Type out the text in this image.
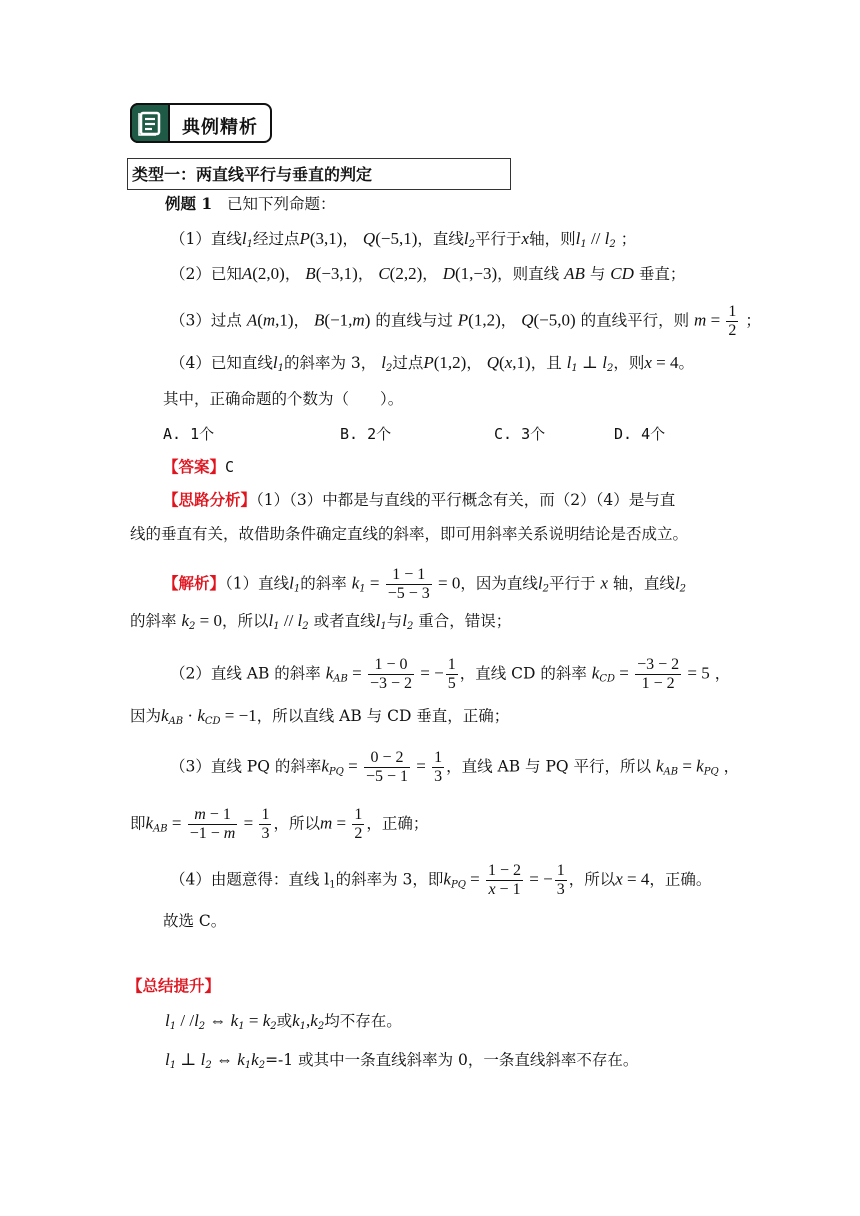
典例精析
类型一：两直线平行与垂直的判定
例题 1 已知下列命题：
（1）直线$l_1$经过点P(3,1)， Q(−5,1)，直线$l_2$平行于x轴，则$l_1 // l_2$ ；
（2）已知A(2,0)， B(−3,1)， C(2,2)， D(1,−3)，则直线 AB 与 CD 垂直；
（3）过点 A(m,1)， B(−1,m) 的直线与过 P(1,2)， Q(−5,0) 的直线平行，则 $m = \frac{1}{2}$ ；
（4）已知直线$l_1$的斜率为 3， $l_2$过点P(1,2)， Q(x,1)，且 $l_1$ ⊥ $l_2$，则x = 4。
其中，正确命题的个数为（　　）。
A. 1个	B. 2个	C. 3个	D. 4个
【答案】C
【思路分析】（1）（3）中都是与直线的平行概念有关，而（2）（4）是与直
线的垂直有关，故借助条件确定直线的斜率，即可用斜率关系说明结论是否成立。
【解析】（1）直线$l_1$的斜率 $k_1 = \frac{1 - 1}{-5 - 3} = 0$，因为直线$l_2$平行于 x 轴，直线$l_2$
的斜率 $k_2 = 0$，所以$l_1 // l_2$ 或者直线$l_1$与$l_2$ 重合，错误；
（2）直线 AB 的斜率 $k_{AB} = \frac{1 - 0}{-3 - 2}$ = − $\frac{1}{5}$ ，直线 CD 的斜率 $k_{CD} = \frac{-3 - 2}{1 - 2} = 5$ ，
因为$k_{AB} \cdot k_{CD} = -1$，所以直线 AB 与 CD 垂直，正确；
（3）直线 PQ 的斜率$k_{PQ} = \frac{0 - 2}{-5 - 1} = \frac{1}{3}$ ，直线 AB 与 PQ 平行，所以 $k_{AB} = k_{PQ}$ ，
即$k_{AB} = \frac{m - 1}{-1 - m} = \frac{1}{3}$ ，所以$m = \frac{1}{2}$ ，正确；
（4）由题意得：直线 $l_1$的斜率为 3，即$k_{PQ} = \frac{1 - 2}{x - 1}$ = − $\frac{1}{3}$ ，所以x = 4，正确。
故选 C。
【总结提升】
$l_1 / /l_2$ ⇔ $k_1 = k_2$或$k_1,k_2$均不存在。
$l_1$ ⊥ $l_2$ ⇔ $k_1k_2=-1$ 或其中一条直线斜率为 0，一条直线斜率不存在。
